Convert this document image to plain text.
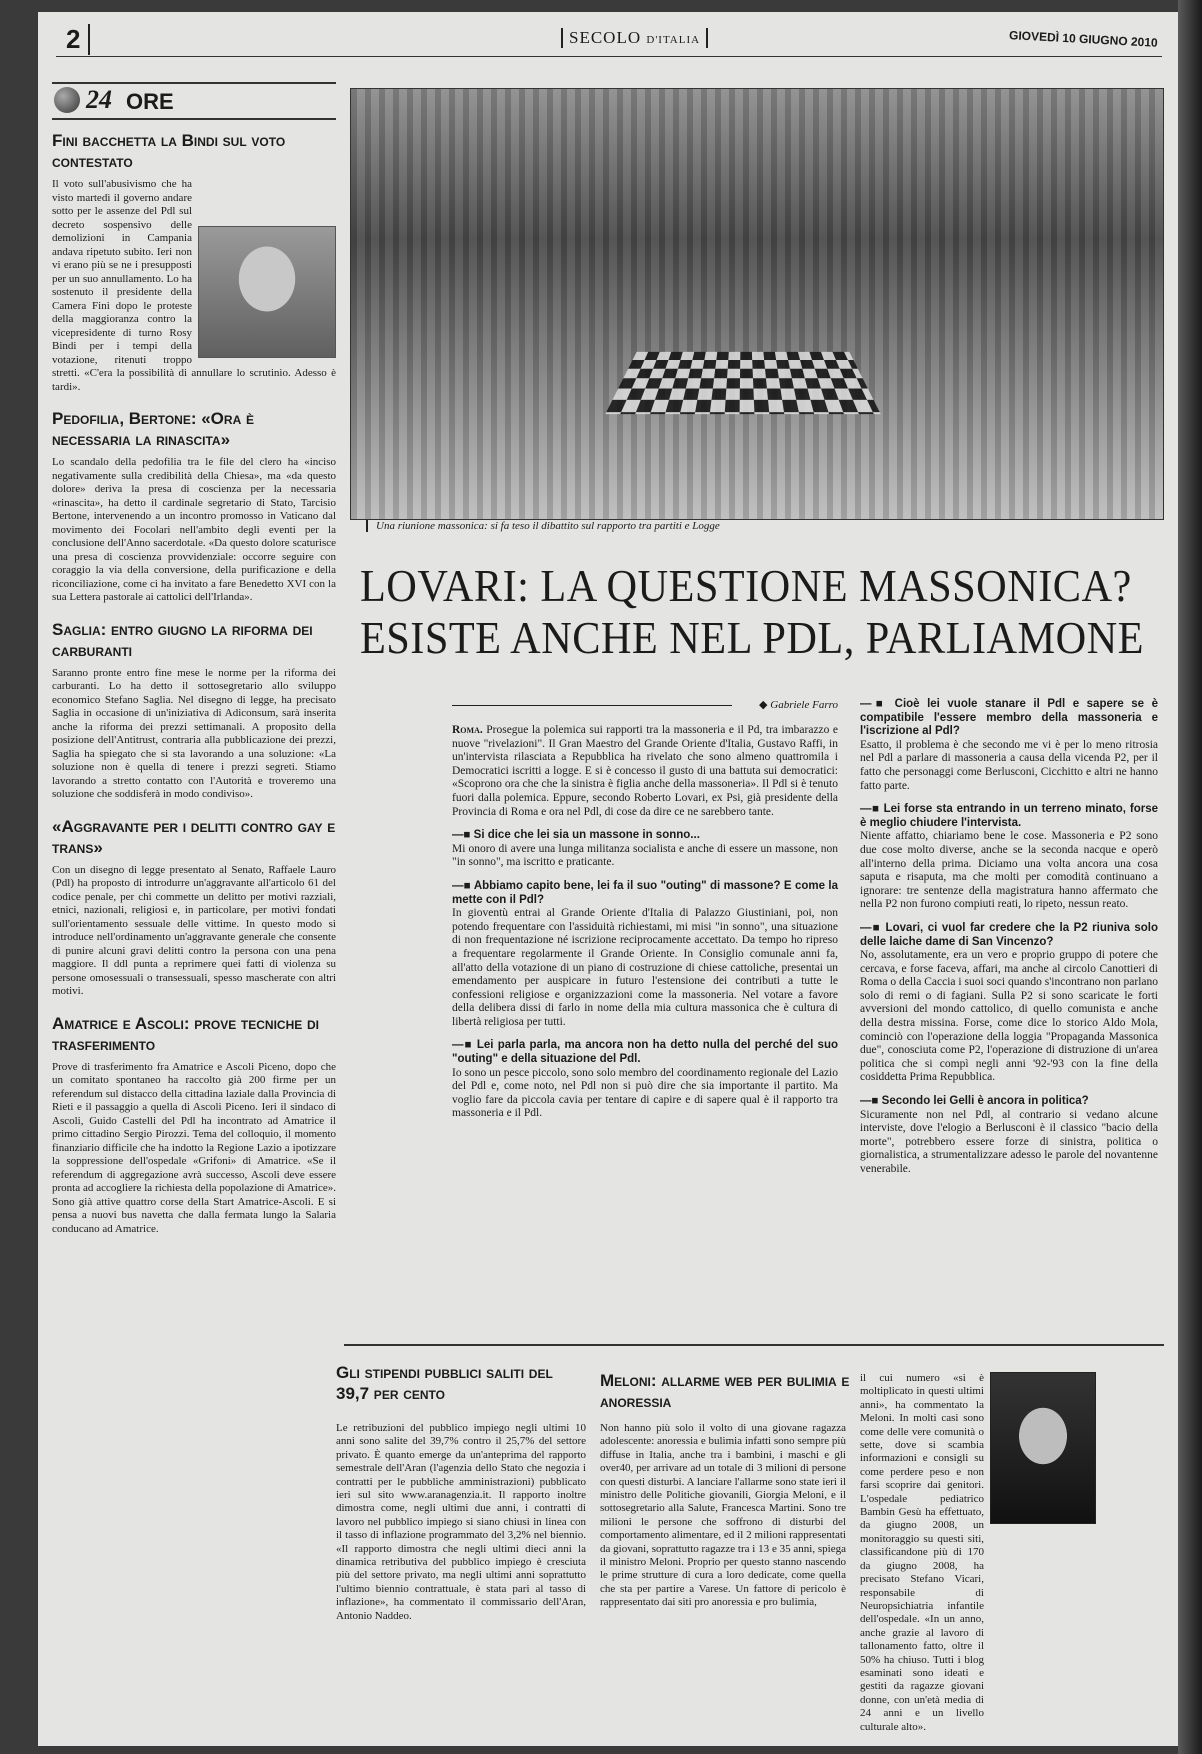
2	SECOLO D'ITALIA	GIOVEDÌ 10 GIUGNO 2010
24 ORE
Fini bacchetta la Bindi sul voto contestato

Il voto sull'abusivismo che ha visto martedì il governo andare sotto per le assenze del Pdl sul decreto sospensivo delle demolizioni in Campania andava ripetuto subito. Ieri non vi erano più se ne i presupposti per un suo annullamento. Lo ha sostenuto il presidente della Camera Fini dopo le proteste della maggioranza contro la vicepresidente di turno Rosy Bindi per i tempi della votazione, ritenuti troppo stretti. «C'era la possibilità di annullare lo scrutinio. Adesso è tardi».

Pedofilia, Bertone: «Ora è necessaria la rinascita»

Lo scandalo della pedofilia tra le file del clero ha «inciso negativamente sulla credibilità della Chiesa», ma «da questo dolore» deriva la presa di coscienza per la necessaria «rinascita», ha detto il cardinale segretario di Stato, Tarcisio Bertone, intervenendo a un incontro promosso in Vaticano dal movimento dei Focolari nell'ambito degli eventi per la conclusione dell'Anno sacerdotale. «Da questo dolore scaturisce una presa di coscienza provvidenziale: occorre seguire con coraggio la via della conversione, della purificazione e della riconciliazione, come ci ha invitato a fare Benedetto XVI con la sua Lettera pastorale ai cattolici dell'Irlanda».

Saglia: entro giugno la riforma dei carburanti

Saranno pronte entro fine mese le norme per la riforma dei carburanti. Lo ha detto il sottosegretario allo sviluppo economico Stefano Saglia. Nel disegno di legge, ha precisato Saglia in occasione di un'iniziativa di Adiconsum, sarà inserita anche la riforma dei prezzi settimanali. A proposito della posizione dell'Antitrust, contraria alla pubblicazione dei prezzi, Saglia ha spiegato che si sta lavorando a una soluzione: «La soluzione non è quella di tenere i prezzi segreti. Stiamo lavorando a stretto contatto con l'Autorità e troveremo una soluzione che soddisferà in modo condiviso».

«Aggravante per i delitti contro gay e trans»

Con un disegno di legge presentato al Senato, Raffaele Lauro (Pdl) ha proposto di introdurre un'aggravante all'articolo 61 del codice penale, per chi commette un delitto per motivi razziali, etnici, nazionali, religiosi e, in particolare, per motivi fondati sull'orientamento sessuale delle vittime. In questo modo si introduce nell'ordinamento un'aggravante generale che consente di punire alcuni gravi delitti contro la persona con una pena maggiore. Il ddl punta a reprimere quei fatti di violenza su persone omosessuali o transessuali, spesso mascherate con altri motivi.

Amatrice e Ascoli: prove tecniche di trasferimento

Prove di trasferimento fra Amatrice e Ascoli Piceno, dopo che un comitato spontaneo ha raccolto già 200 firme per un referendum sul distacco della cittadina laziale dalla Provincia di Rieti e il passaggio a quella di Ascoli Piceno. Ieri il sindaco di Ascoli, Guido Castelli del Pdl ha incontrato ad Amatrice il primo cittadino Sergio Pirozzi. Tema del colloquio, il momento finanziario difficile che ha indotto la Regione Lazio a ipotizzare la soppressione dell'ospedale «Grifoni» di Amatrice. «Se il referendum di aggregazione avrà successo, Ascoli deve essere pronta ad accogliere la richiesta della popolazione di Amatrice». Sono già attive quattro corse della Start Amatrice-Ascoli. E si pensa a nuovi bus navetta che dalla fermata lungo la Salaria conducano ad Amatrice.

Una riunione massonica: si fa teso il dibattito sul rapporto tra partiti e Logge
LOVARI: LA QUESTIONE MASSONICA?
ESISTE ANCHE NEL PDL, PARLIAMONE
◆ Gabriele Farro

Roma. Prosegue la polemica sui rapporti tra la massoneria e il Pd, tra imbarazzo e nuove "rivelazioni". Il Gran Maestro del Grande Oriente d'Italia, Gustavo Raffi, in un'intervista rilasciata a Repubblica ha rivelato che sono almeno quattromila i Democratici iscritti a logge. E si è concesso il gusto di una battuta sui democratici: «Scoprono ora che che la sinistra è figlia anche della massoneria». Il Pdl si è tenuto fuori dalla polemica. Eppure, secondo Roberto Lovari, ex Psi, già presidente della Provincia di Roma e ora nel Pdl, di cose da dire ce ne sarebbero tante.

—■ Si dice che lei sia un massone in sonno...

Mi onoro di avere una lunga militanza socialista e anche di essere un massone, non "in sonno", ma iscritto e praticante.

—■ Abbiamo capito bene, lei fa il suo "outing" di massone? E come la mette con il Pdl?

In gioventù entrai al Grande Oriente d'Italia di Palazzo Giustiniani, poi, non potendo frequentare con l'assiduità richiestami, mi misi "in sonno", una situazione di non frequentazione né iscrizione reciprocamente accettato. Da tempo ho ripreso a frequentare regolarmente il Grande Oriente. In Consiglio comunale anni fa, all'atto della votazione di un piano di costruzione di chiese cattoliche, presentai un emendamento per auspicare in futuro l'estensione dei contributi a tutte le confessioni religiose e organizzazioni come la massoneria. Nel votare a favore della delibera dissi di farlo in nome della mia cultura massonica che è cultura di libertà religiosa per tutti.

—■ Lei parla parla, ma ancora non ha detto nulla del perché del suo "outing" e della situazione del Pdl.

Io sono un pesce piccolo, sono solo membro del coordinamento regionale del Lazio del Pdl e, come noto, nel Pdl non si può dire che sia importante il partito. Ma voglio fare da piccola cavia per tentare di capire e di sapere qual è il rapporto tra massoneria e il Pdl.

—■ Cioè lei vuole stanare il Pdl e sapere se è compatibile l'essere membro della massoneria e l'iscrizione al Pdl?

Esatto, il problema è che secondo me vi è per lo meno ritrosia nel Pdl a parlare di massoneria a causa della vicenda P2, per il fatto che personaggi come Berlusconi, Cicchitto e altri ne hanno fatto parte.

—■ Lei forse sta entrando in un terreno minato, forse è meglio chiudere l'intervista.

Niente affatto, chiariamo bene le cose. Massoneria e P2 sono due cose molto diverse, anche se la seconda nacque e operò all'interno della prima. Diciamo una volta ancora una cosa saputa e risaputa, ma che molti per comodità continuano a ignorare: tre sentenze della magistratura hanno affermato che nella P2 non furono compiuti reati, lo ripeto, nessun reato.

—■ Lovari, ci vuol far credere che la P2 riuniva solo delle laiche dame di San Vincenzo?

No, assolutamente, era un vero e proprio gruppo di potere che cercava, e forse faceva, affari, ma anche al circolo Canottieri di Roma o della Caccia i suoi soci quando s'incontrano non parlano solo di remi o di fagiani. Sulla P2 si sono scaricate le forti avversioni del mondo cattolico, di quello comunista e anche della destra missina. Forse, come dice lo storico Aldo Mola, cominciò con l'operazione della loggia "Propaganda Massonica due", conosciuta come P2, l'operazione di distruzione di un'area politica che si compì negli anni '92-'93 con la fine della cosiddetta Prima Repubblica.

—■ Secondo lei Gelli è ancora in politica?

Sicuramente non nel Pdl, al contrario si vedano alcune interviste, dove l'elogio a Berlusconi è il classico "bacio della morte", potrebbero essere forze di sinistra, politica o giornalistica, a strumentalizzare adesso le parole del novantenne venerabile.

Gli stipendi pubblici saliti del 39,7 per cento

Le retribuzioni del pubblico impiego negli ultimi 10 anni sono salite del 39,7% contro il 25,7% del settore privato. È quanto emerge da un'anteprima del rapporto semestrale dell'Aran (l'agenzia dello Stato che negozia i contratti per le pubbliche amministrazioni) pubblicato ieri sul sito www.aranagenzia.it. Il rapporto inoltre dimostra come, negli ultimi due anni, i contratti di lavoro nel pubblico impiego si siano chiusi in linea con il tasso di inflazione programmato del 3,2% nel biennio. «Il rapporto dimostra che negli ultimi dieci anni la dinamica retributiva del pubblico impiego è cresciuta più del settore privato, ma negli ultimi anni soprattutto l'ultimo biennio contrattuale, è stata pari al tasso di inflazione», ha commentato il commissario dell'Aran, Antonio Naddeo.

Meloni: allarme web per bulimia e anoressia

Non hanno più solo il volto di una giovane ragazza adolescente: anoressia e bulimia infatti sono sempre più diffuse in Italia, anche tra i bambini, i maschi e gli over40, per arrivare ad un totale di 3 milioni di persone con questi disturbi. A lanciare l'allarme sono state ieri il ministro delle Politiche giovanili, Giorgia Meloni, e il sottosegretario alla Salute, Francesca Martini. Sono tre milioni le persone che soffrono di disturbi del comportamento alimentare, ed il 2 milioni rappresentati da giovani, soprattutto ragazze tra i 13 e 35 anni, spiega il ministro Meloni. Proprio per questo stanno nascendo le prime strutture di cura a loro dedicate, come quella che sta per partire a Varese. Un fattore di pericolo è rappresentato dai siti pro anoressia e pro bulimia,

il cui numero «si è moltiplicato in questi ultimi anni», ha commentato la Meloni. In molti casi sono come delle vere comunità o sette, dove si scambia informazioni e consigli su come perdere peso e non farsi scoprire dai genitori. L'ospedale pediatrico Bambin Gesù ha effettuato, da giugno 2008, un monitoraggio su questi siti, classificandone più di 170 da giugno 2008, ha precisato Stefano Vicari, responsabile di Neuropsichiatria infantile dell'ospedale. «In un anno, anche grazie al lavoro di tallonamento fatto, oltre il 50% ha chiuso. Tutti i blog esaminati sono ideati e gestiti da ragazze giovani donne, con un'età media di 24 anni e un livello culturale alto».
